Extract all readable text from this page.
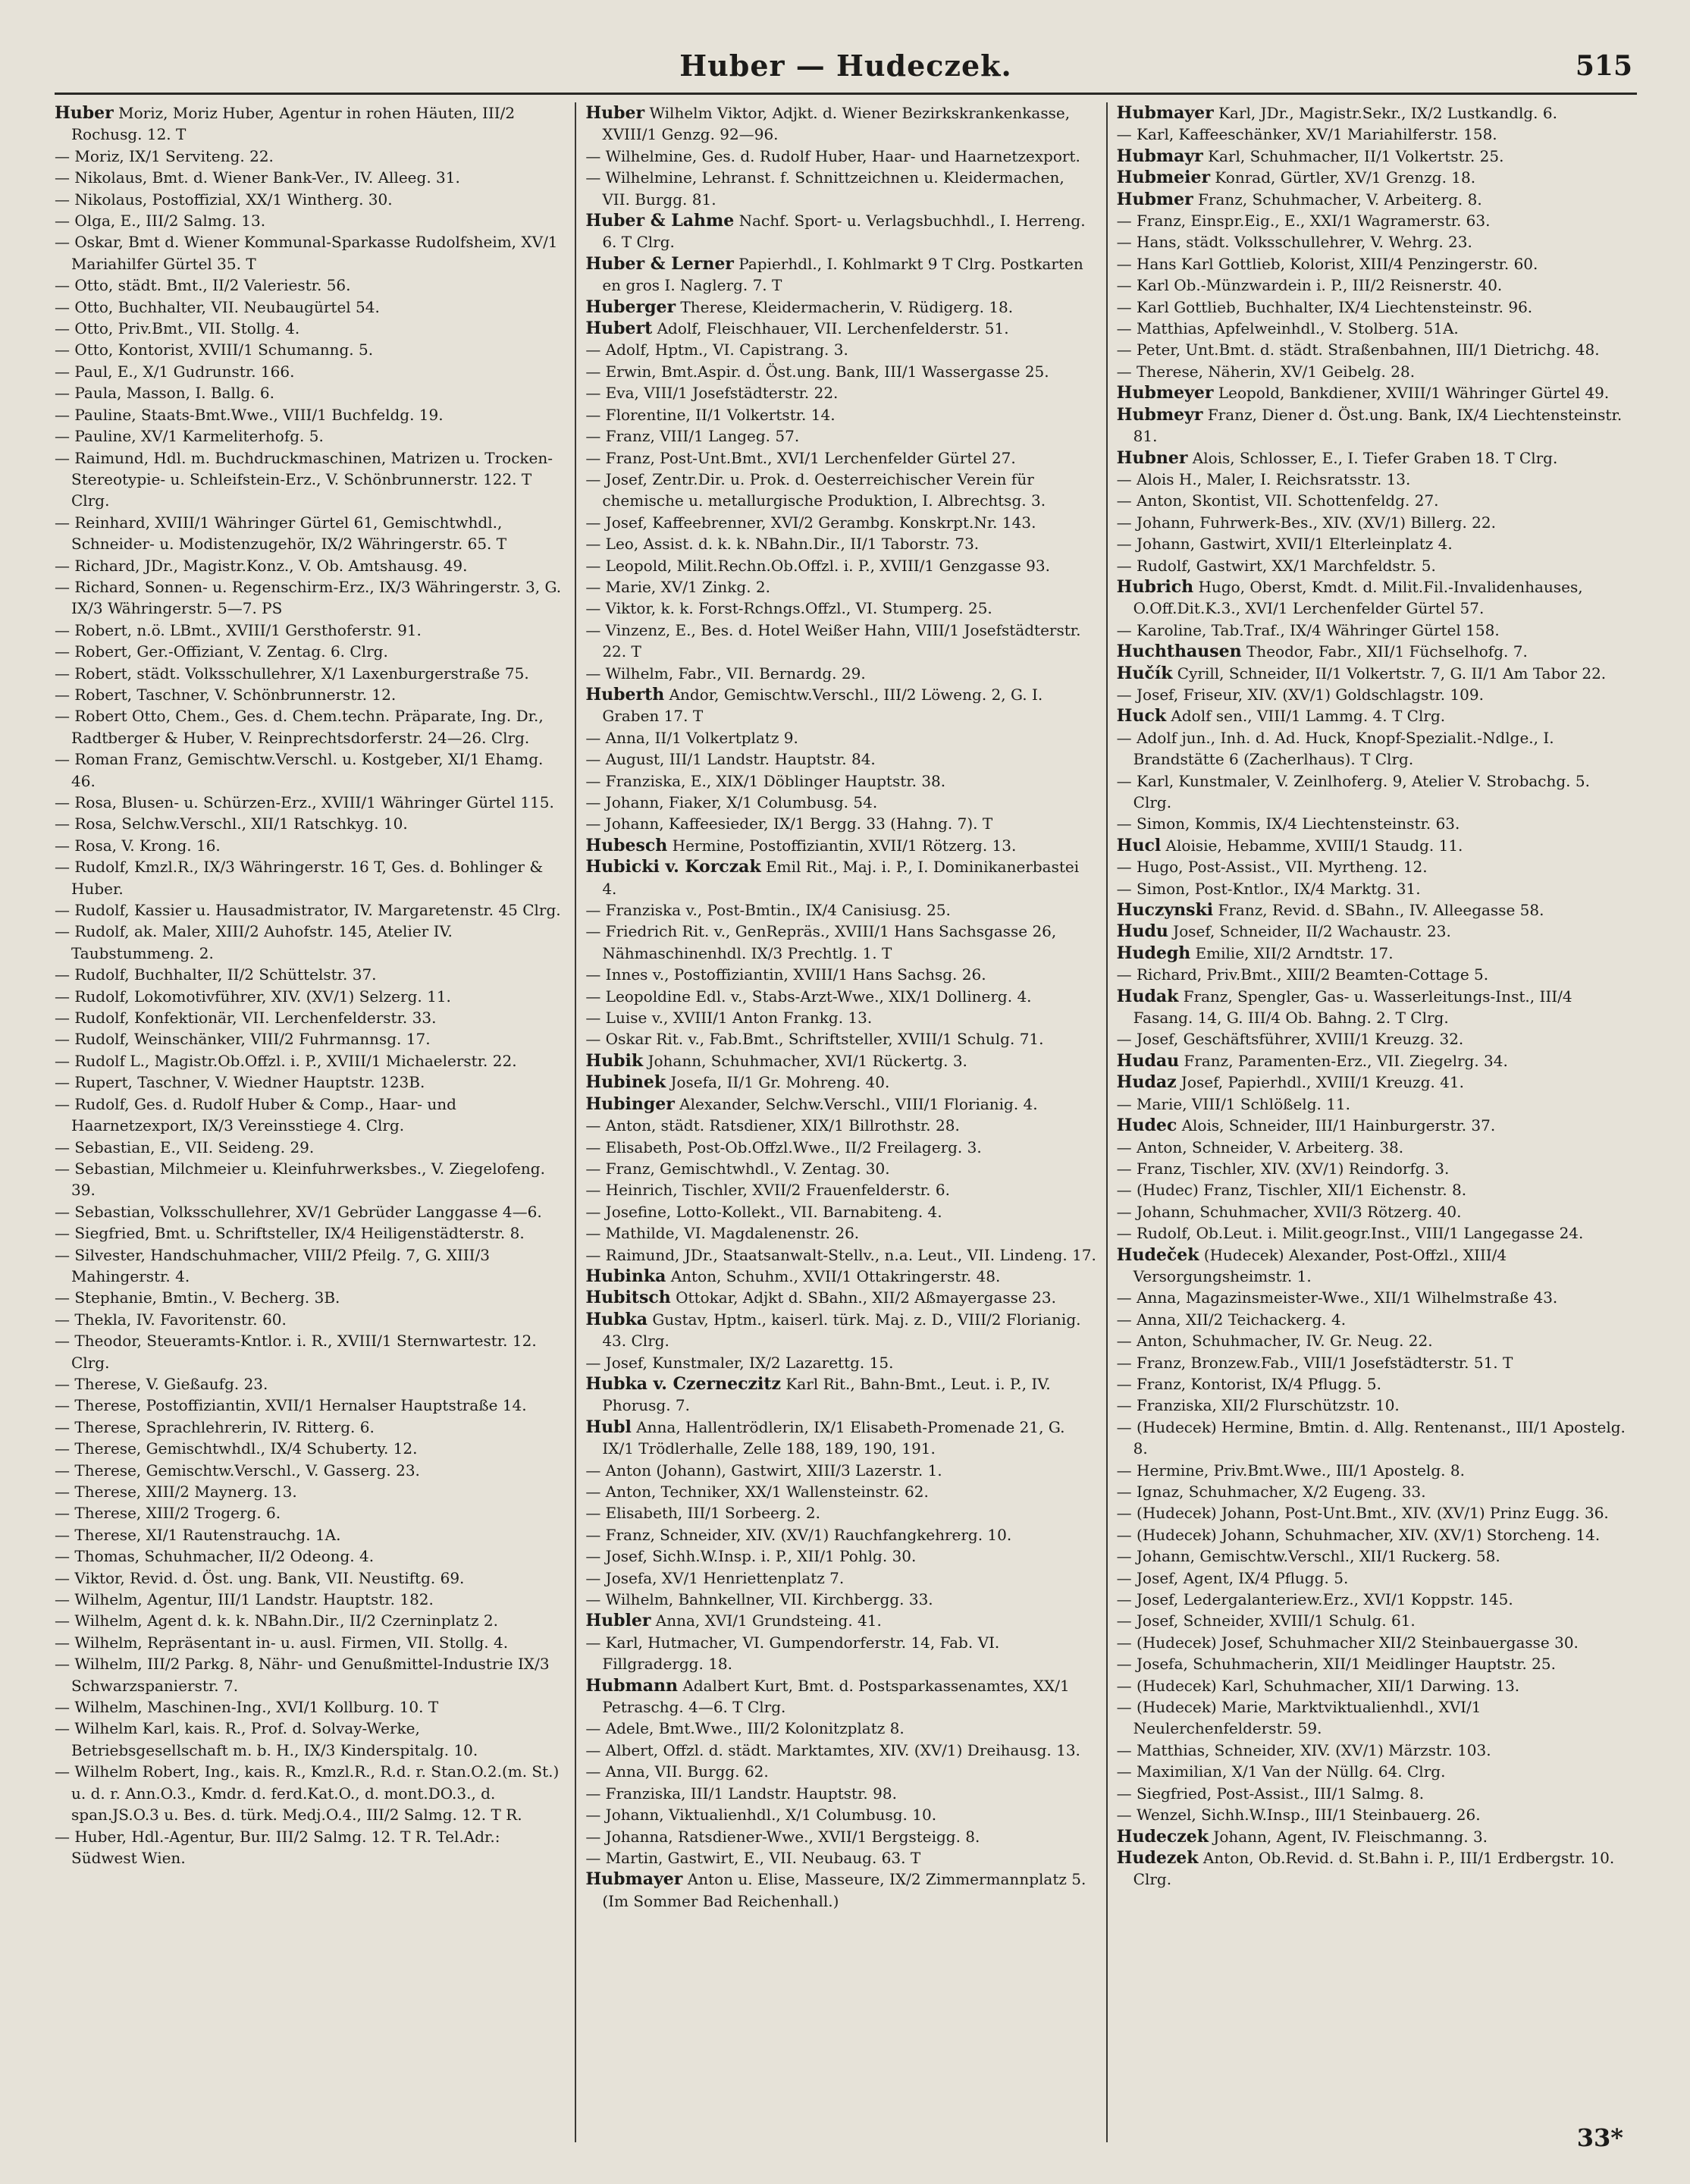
Huber — Hudeczek.	515

Huber Moriz, Moriz Huber, Agentur in rohen Häuten, III/2 Rochusg. 12. T

— Moriz, IX/1 Serviteng. 22.

— Nikolaus, Bmt. d. Wiener Bank-Ver., IV. Alleeg. 31.

— Nikolaus, Postoffizial, XX/1 Wintherg. 30.

— Olga, E., III/2 Salmg. 13.

— Oskar, Bmt d. Wiener Kommunal-Sparkasse Rudolfsheim, XV/1 Mariahilfer Gürtel 35. T

— Otto, städt. Bmt., II/2 Valeriestr. 56.

— Otto, Buchhalter, VII. Neubaugürtel 54.

— Otto, Priv.Bmt., VII. Stollg. 4.

— Otto, Kontorist, XVIII/1 Schumanng. 5.

— Paul, E., X/1 Gudrunstr. 166.

— Paula, Masson, I. Ballg. 6.

— Pauline, Staats-Bmt.Wwe., VIII/1 Buchfeldg. 19.

— Pauline, XV/1 Karmeliterhofg. 5.

— Raimund, Hdl. m. Buchdruckmaschinen, Matrizen u. Trocken-Stereotypie- u. Schleifstein-Erz., V. Schönbrunnerstr. 122. T Clrg.

— Reinhard, XVIII/1 Währinger Gürtel 61, Gemischtwhdl., Schneider- u. Modistenzugehör, IX/2 Währingerstr. 65. T

— Richard, JDr., Magistr.Konz., V. Ob. Amtshausg. 49.

— Richard, Sonnen- u. Regenschirm-Erz., IX/3 Währingerstr. 3, G. IX/3 Währingerstr. 5—7. PS

— Robert, n.ö. LBmt., XVIII/1 Gersthoferstr. 91.

— Robert, Ger.-Offiziant, V. Zentag. 6. Clrg.

— Robert, städt. Volksschullehrer, X/1 Laxenburgerstraße 75.

— Robert, Taschner, V. Schönbrunnerstr. 12.

— Robert Otto, Chem., Ges. d. Chem.techn. Präparate, Ing. Dr., Radtberger & Huber, V. Reinprechtsdorferstr. 24—26. Clrg.

— Roman Franz, Gemischtw.Verschl. u. Kostgeber, XI/1 Ehamg. 46.

— Rosa, Blusen- u. Schürzen-Erz., XVIII/1 Währinger Gürtel 115.

— Rosa, Selchw.Verschl., XII/1 Ratschkyg. 10.

— Rosa, V. Krong. 16.

— Rudolf, Kmzl.R., IX/3 Währingerstr. 16 T, Ges. d. Bohlinger & Huber.

— Rudolf, Kassier u. Hausadmistrator, IV. Margaretenstr. 45 Clrg.

— Rudolf, ak. Maler, XIII/2 Auhofstr. 145, Atelier IV. Taubstummeng. 2.

— Rudolf, Buchhalter, II/2 Schüttelstr. 37.

— Rudolf, Lokomotivführer, XIV. (XV/1) Selzerg. 11.

— Rudolf, Konfektionär, VII. Lerchenfelderstr. 33.

— Rudolf, Weinschänker, VIII/2 Fuhrmannsg. 17.

— Rudolf L., Magistr.Ob.Offzl. i. P., XVIII/1 Michaelerstr. 22.

— Rupert, Taschner, V. Wiedner Hauptstr. 123B.

— Rudolf, Ges. d. Rudolf Huber & Comp., Haar- und Haarnetzexport, IX/3 Vereinsstiege 4. Clrg.

— Sebastian, E., VII. Seideng. 29.

— Sebastian, Milchmeier u. Kleinfuhrwerksbes., V. Ziegelofeng. 39.

— Sebastian, Volksschullehrer, XV/1 Gebrüder Langgasse 4—6.

— Siegfried, Bmt. u. Schriftsteller, IX/4 Heiligenstädterstr. 8.

— Silvester, Handschuhmacher, VIII/2 Pfeilg. 7, G. XIII/3 Mahingerstr. 4.

— Stephanie, Bmtin., V. Becherg. 3B.

— Thekla, IV. Favoritenstr. 60.

— Theodor, Steueramts-Kntlor. i. R., XVIII/1 Sternwartestr. 12. Clrg.

— Therese, V. Gießaufg. 23.

— Therese, Postoffiziantin, XVII/1 Hernalser Hauptstraße 14.

— Therese, Sprachlehrerin, IV. Ritterg. 6.

— Therese, Gemischtwhdl., IX/4 Schuberty. 12.

— Therese, Gemischtw.Verschl., V. Gasserg. 23.

— Therese, XIII/2 Maynerg. 13.

— Therese, XIII/2 Trogerg. 6.

— Therese, XI/1 Rautenstrauchg. 1A.

— Thomas, Schuhmacher, II/2 Odeong. 4.

— Viktor, Revid. d. Öst. ung. Bank, VII. Neustiftg. 69.

— Wilhelm, Agentur, III/1 Landstr. Hauptstr. 182.

— Wilhelm, Agent d. k. k. NBahn.Dir., II/2 Czerninplatz 2.

— Wilhelm, Repräsentant in- u. ausl. Firmen, VII. Stollg. 4.

— Wilhelm, III/2 Parkg. 8, Nähr- und Genußmittel-Industrie IX/3 Schwarzspanierstr. 7.

— Wilhelm, Maschinen-Ing., XVI/1 Kollburg. 10. T

— Wilhelm Karl, kais. R., Prof. d. Solvay-Werke, Betriebsgesellschaft m. b. H., IX/3 Kinderspitalg. 10.

— Wilhelm Robert, Ing., kais. R., Kmzl.R., R.d. r. Stan.O.2.(m. St.) u. d. r. Ann.O.3., Kmdr. d. ferd.Kat.O., d. mont.DO.3., d. span.JS.O.3 u. Bes. d. türk. Medj.O.4., III/2 Salmg. 12. T R.

— Huber, Hdl.-Agentur, Bur. III/2 Salmg. 12. T R. Tel.Adr.: Südwest Wien.

Huber Wilhelm Viktor, Adjkt. d. Wiener Bezirkskrankenkasse, XVIII/1 Genzg. 92—96.

— Wilhelmine, Ges. d. Rudolf Huber, Haar- und Haarnetzexport.

— Wilhelmine, Lehranst. f. Schnittzeichnen u. Kleidermachen, VII. Burgg. 81.

Huber & Lahme Nachf. Sport- u. Verlagsbuchhdl., I. Herreng. 6. T Clrg.

Huber & Lerner Papierhdl., I. Kohlmarkt 9 T Clrg. Postkarten en gros I. Naglerg. 7. T

Huberger Therese, Kleidermacherin, V. Rüdigerg. 18.

Hubert Adolf, Fleischhauer, VII. Lerchenfelderstr. 51.

— Adolf, Hptm., VI. Capistrang. 3.

— Erwin, Bmt.Aspir. d. Öst.ung. Bank, III/1 Wassergasse 25.

— Eva, VIII/1 Josefstädterstr. 22.

— Florentine, II/1 Volkertstr. 14.

— Franz, VIII/1 Langeg. 57.

— Franz, Post-Unt.Bmt., XVI/1 Lerchenfelder Gürtel 27.

— Josef, Zentr.Dir. u. Prok. d. Oesterreichischer Verein für chemische u. metallurgische Produktion, I. Albrechtsg. 3.

— Josef, Kaffeebrenner, XVI/2 Gerambg. Konskrpt.Nr. 143.

— Leo, Assist. d. k. k. NBahn.Dir., II/1 Taborstr. 73.

— Leopold, Milit.Rechn.Ob.Offzl. i. P., XVIII/1 Genzgasse 93.

— Marie, XV/1 Zinkg. 2.

— Viktor, k. k. Forst-Rchngs.Offzl., VI. Stumperg. 25.

— Vinzenz, E., Bes. d. Hotel Weißer Hahn, VIII/1 Josefstädterstr. 22. T

— Wilhelm, Fabr., VII. Bernardg. 29.

Huberth Andor, Gemischtw.Verschl., III/2 Löweng. 2, G. I. Graben 17. T

— Anna, II/1 Volkertplatz 9.

— August, III/1 Landstr. Hauptstr. 84.

— Franziska, E., XIX/1 Döblinger Hauptstr. 38.

— Johann, Fiaker, X/1 Columbusg. 54.

— Johann, Kaffeesieder, IX/1 Bergg. 33 (Hahng. 7). T

Hubesch Hermine, Postoffiziantin, XVII/1 Rötzerg. 13.

Hubicki v. Korczak Emil Rit., Maj. i. P., I. Dominikanerbastei 4.

— Franziska v., Post-Bmtin., IX/4 Canisiusg. 25.

— Friedrich Rit. v., GenRepräs., XVIII/1 Hans Sachsgasse 26, Nähmaschinenhdl. IX/3 Prechtlg. 1. T

— Innes v., Postoffiziantin, XVIII/1 Hans Sachsg. 26.

— Leopoldine Edl. v., Stabs-Arzt-Wwe., XIX/1 Dollinerg. 4.

— Luise v., XVIII/1 Anton Frankg. 13.

— Oskar Rit. v., Fab.Bmt., Schriftsteller, XVIII/1 Schulg. 71.

Hubik Johann, Schuhmacher, XVI/1 Rückertg. 3.

Hubinek Josefa, II/1 Gr. Mohreng. 40.

Hubinger Alexander, Selchw.Verschl., VIII/1 Florianig. 4.

— Anton, städt. Ratsdiener, XIX/1 Billrothstr. 28.

— Elisabeth, Post-Ob.Offzl.Wwe., II/2 Freilagerg. 3.

— Franz, Gemischtwhdl., V. Zentag. 30.

— Heinrich, Tischler, XVII/2 Frauenfelderstr. 6.

— Josefine, Lotto-Kollekt., VII. Barnabiteng. 4.

— Mathilde, VI. Magdalenenstr. 26.

— Raimund, JDr., Staatsanwalt-Stellv., n.a. Leut., VII. Lindeng. 17.

Hubinka Anton, Schuhm., XVII/1 Ottakringerstr. 48.

Hubitsch Ottokar, Adjkt d. SBahn., XII/2 Aßmayergasse 23.

Hubka Gustav, Hptm., kaiserl. türk. Maj. z. D., VIII/2 Florianig. 43. Clrg.

— Josef, Kunstmaler, IX/2 Lazarettg. 15.

Hubka v. Czerneczitz Karl Rit., Bahn-Bmt., Leut. i. P., IV. Phorusg. 7.

Hubl Anna, Hallentrödlerin, IX/1 Elisabeth-Promenade 21, G. IX/1 Trödlerhalle, Zelle 188, 189, 190, 191.

— Anton (Johann), Gastwirt, XIII/3 Lazerstr. 1.

— Anton, Techniker, XX/1 Wallensteinstr. 62.

— Elisabeth, III/1 Sorbeerg. 2.

— Franz, Schneider, XIV. (XV/1) Rauchfangkehrerg. 10.

— Josef, Sichh.W.Insp. i. P., XII/1 Pohlg. 30.

— Josefa, XV/1 Henriettenplatz 7.

— Wilhelm, Bahnkellner, VII. Kirchbergg. 33.

Hubler Anna, XVI/1 Grundsteing. 41.

— Karl, Hutmacher, VI. Gumpendorferstr. 14, Fab. VI. Fillgradergg. 18.

Hubmann Adalbert Kurt, Bmt. d. Postsparkassenamtes, XX/1 Petraschg. 4—6. T Clrg.

— Adele, Bmt.Wwe., III/2 Kolonitzplatz 8.

— Albert, Offzl. d. städt. Marktamtes, XIV. (XV/1) Dreihausg. 13.

— Anna, VII. Burgg. 62.

— Franziska, III/1 Landstr. Hauptstr. 98.

— Johann, Viktualienhdl., X/1 Columbusg. 10.

— Johanna, Ratsdiener-Wwe., XVII/1 Bergsteigg. 8.

— Martin, Gastwirt, E., VII. Neubaug. 63. T

Hubmayer Anton u. Elise, Masseure, IX/2 Zimmermannplatz 5. (Im Sommer Bad Reichenhall.)

Hubmayer Karl, JDr., Magistr.Sekr., IX/2 Lustkandlg. 6.

— Karl, Kaffeeschänker, XV/1 Mariahilferstr. 158.

Hubmayr Karl, Schuhmacher, II/1 Volkertstr. 25.

Hubmeier Konrad, Gürtler, XV/1 Grenzg. 18.

Hubmer Franz, Schuhmacher, V. Arbeiterg. 8.

— Franz, Einspr.Eig., E., XXI/1 Wagramerstr. 63.

— Hans, städt. Volksschullehrer, V. Wehrg. 23.

— Hans Karl Gottlieb, Kolorist, XIII/4 Penzingerstr. 60.

— Karl Ob.-Münzwardein i. P., III/2 Reisnerstr. 40.

— Karl Gottlieb, Buchhalter, IX/4 Liechtensteinstr. 96.

— Matthias, Apfelweinhdl., V. Stolberg. 51A.

— Peter, Unt.Bmt. d. städt. Straßenbahnen, III/1 Dietrichg. 48.

— Therese, Näherin, XV/1 Geibelg. 28.

Hubmeyer Leopold, Bankdiener, XVIII/1 Währinger Gürtel 49.

Hubmeyr Franz, Diener d. Öst.ung. Bank, IX/4 Liechtensteinstr. 81.

Hubner Alois, Schlosser, E., I. Tiefer Graben 18. T Clrg.

— Alois H., Maler, I. Reichsratsstr. 13.

— Anton, Skontist, VII. Schottenfeldg. 27.

— Johann, Fuhrwerk-Bes., XIV. (XV/1) Billerg. 22.

— Johann, Gastwirt, XVII/1 Elterleinplatz 4.

— Rudolf, Gastwirt, XX/1 Marchfeldstr. 5.

Hubrich Hugo, Oberst, Kmdt. d. Milit.Fil.-Invalidenhauses, O.Off.Dit.K.3., XVI/1 Lerchenfelder Gürtel 57.

— Karoline, Tab.Traf., IX/4 Währinger Gürtel 158.

Huchthausen Theodor, Fabr., XII/1 Füchselhofg. 7.

Hučík Cyrill, Schneider, II/1 Volkertstr. 7, G. II/1 Am Tabor 22.

— Josef, Friseur, XIV. (XV/1) Goldschlagstr. 109.

Huck Adolf sen., VIII/1 Lammg. 4. T Clrg.

— Adolf jun., Inh. d. Ad. Huck, Knopf-Spezialit.-Ndlge., I. Brandstätte 6 (Zacherlhaus). T Clrg.

— Karl, Kunstmaler, V. Zeinlhoferg. 9, Atelier V. Strobachg. 5. Clrg.

— Simon, Kommis, IX/4 Liechtensteinstr. 63.

Hucl Aloisie, Hebamme, XVIII/1 Staudg. 11.

— Hugo, Post-Assist., VII. Myrtheng. 12.

— Simon, Post-Kntlor., IX/4 Marktg. 31.

Huczynski Franz, Revid. d. SBahn., IV. Alleegasse 58.

Hudu Josef, Schneider, II/2 Wachaustr. 23.

Hudegh Emilie, XII/2 Arndtstr. 17.

— Richard, Priv.Bmt., XIII/2 Beamten-Cottage 5.

Hudak Franz, Spengler, Gas- u. Wasserleitungs-Inst., III/4 Fasang. 14, G. III/4 Ob. Bahng. 2. T Clrg.

— Josef, Geschäftsführer, XVIII/1 Kreuzg. 32.

Hudau Franz, Paramenten-Erz., VII. Ziegelrg. 34.

Hudaz Josef, Papierhdl., XVIII/1 Kreuzg. 41.

— Marie, VIII/1 Schlößelg. 11.

Hudec Alois, Schneider, III/1 Hainburgerstr. 37.

— Anton, Schneider, V. Arbeiterg. 38.

— Franz, Tischler, XIV. (XV/1) Reindorfg. 3.

— (Hudec) Franz, Tischler, XII/1 Eichenstr. 8.

— Johann, Schuhmacher, XVII/3 Rötzerg. 40.

— Rudolf, Ob.Leut. i. Milit.geogr.Inst., VIII/1 Langegasse 24.

Hudeček (Hudecek) Alexander, Post-Offzl., XIII/4 Versorgungsheimstr. 1.

— Anna, Magazinsmeister-Wwe., XII/1 Wilhelmstraße 43.

— Anna, XII/2 Teichackerg. 4.

— Anton, Schuhmacher, IV. Gr. Neug. 22.

— Franz, Bronzew.Fab., VIII/1 Josefstädterstr. 51. T

— Franz, Kontorist, IX/4 Pflugg. 5.

— Franziska, XII/2 Flurschützstr. 10.

— (Hudecek) Hermine, Bmtin. d. Allg. Rentenanst., III/1 Apostelg. 8.

— Hermine, Priv.Bmt.Wwe., III/1 Apostelg. 8.

— Ignaz, Schuhmacher, X/2 Eugeng. 33.

— (Hudecek) Johann, Post-Unt.Bmt., XIV. (XV/1) Prinz Eugg. 36.

— (Hudecek) Johann, Schuhmacher, XIV. (XV/1) Storcheng. 14.

— Johann, Gemischtw.Verschl., XII/1 Ruckerg. 58.

— Josef, Agent, IX/4 Pflugg. 5.

— Josef, Ledergalanteriew.Erz., XVI/1 Koppstr. 145.

— Josef, Schneider, XVIII/1 Schulg. 61.

— (Hudecek) Josef, Schuhmacher XII/2 Steinbauergasse 30.

— Josefa, Schuhmacherin, XII/1 Meidlinger Hauptstr. 25.

— (Hudecek) Karl, Schuhmacher, XII/1 Darwing. 13.

— (Hudecek) Marie, Marktviktualienhdl., XVI/1 Neulerchenfelderstr. 59.

— Matthias, Schneider, XIV. (XV/1) Märzstr. 103.

— Maximilian, X/1 Van der Nüllg. 64. Clrg.

— Siegfried, Post-Assist., III/1 Salmg. 8.

— Wenzel, Sichh.W.Insp., III/1 Steinbauerg. 26.

Hudeczek Johann, Agent, IV. Fleischmanng. 3.

Hudezek Anton, Ob.Revid. d. St.Bahn i. P., III/1 Erdbergstr. 10. Clrg.

33*
